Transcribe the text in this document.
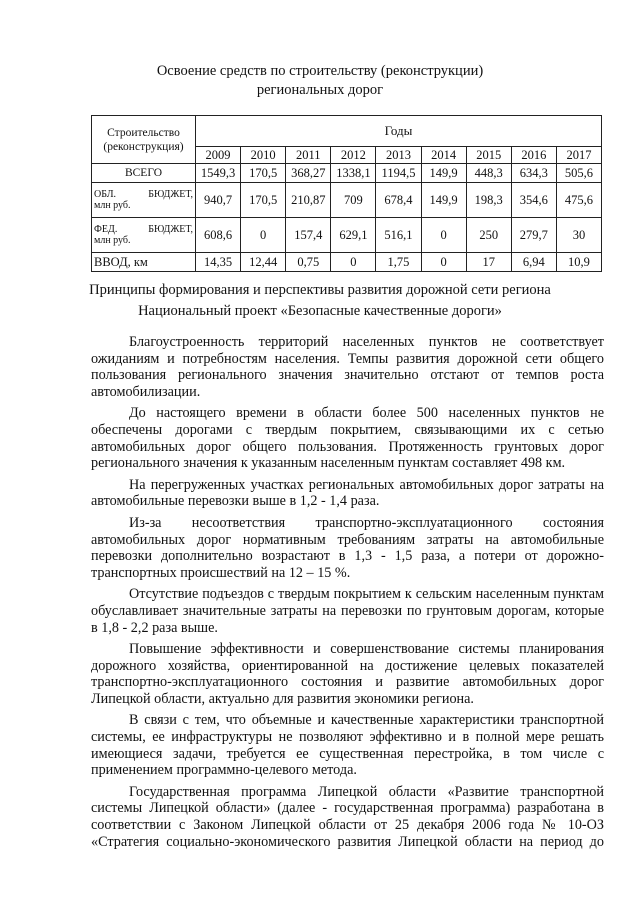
Освоение средств по строительству (реконструкции)
региональных дорог
Строительство (реконструкция)	Годы								
	2009	2010	2011	2012	2013	2014	2015	2016	2017
ВСЕГО	1549,3	170,5	368,27	1338,1	1194,5	149,9	448,3	634,3	505,6

ОБЛ. БЮДЖЕТ,
млн руб.	940,7	170,5	210,87	709	678,4	149,9	198,3	354,6	475,6

ФЕД. БЮДЖЕТ,
млн руб.	608,6	0	157,4	629,1	516,1	0	250	279,7	30
ВВОД, км	14,35	12,44	0,75	0	1,75	0	17	6,94	10,9
Принципы формирования и перспективы развития дорожной сети региона
Национальный проект «Безопасные качественные дороги»

Благоустроенность территорий населенных пунктов не соответствует ожиданиям и потребностям населения. Темпы развития дорожной сети общего пользования регионального значения значительно отстают от темпов роста автомобилизации.

До настоящего времени в области более 500 населенных пунктов не обеспечены дорогами с твердым покрытием, связывающими их с сетью автомобильных дорог общего пользования. Протяженность грунтовых дорог регионального значения к указанным населенным пунктам составляет 498 км.

На перегруженных участках региональных автомобильных дорог затраты на автомобильные перевозки выше в 1,2 - 1,4 раза.

Из-за несоответствия транспортно-эксплуатационного состояния автомобильных дорог нормативным требованиям затраты на автомобильные перевозки дополнительно возрастают в 1,3 - 1,5 раза, а потери от дорожно-транспортных происшествий на 12 – 15 %.

Отсутствие подъездов с твердым покрытием к сельским населенным пунктам обуславливает значительные затраты на перевозки по грунтовым дорогам, которые в 1,8 - 2,2 раза выше.

Повышение эффективности и совершенствование системы планирования дорожного хозяйства, ориентированной на достижение целевых показателей транспортно-эксплуатационного состояния и развитие автомобильных дорог Липецкой области, актуально для развития экономики региона.

В связи с тем, что объемные и качественные характеристики транспортной системы, ее инфраструктуры не позволяют эффективно и в полной мере решать имеющиеся задачи, требуется ее существенная перестройка, в том числе с применением программно-целевого метода.

Государственная программа Липецкой области «Развитие транспортной системы Липецкой области» (далее - государственная программа) разработана в соответствии с Законом Липецкой области от 25 декабря 2006 года № 10-ОЗ «Стратегия социально-экономического развития Липецкой области на период до
